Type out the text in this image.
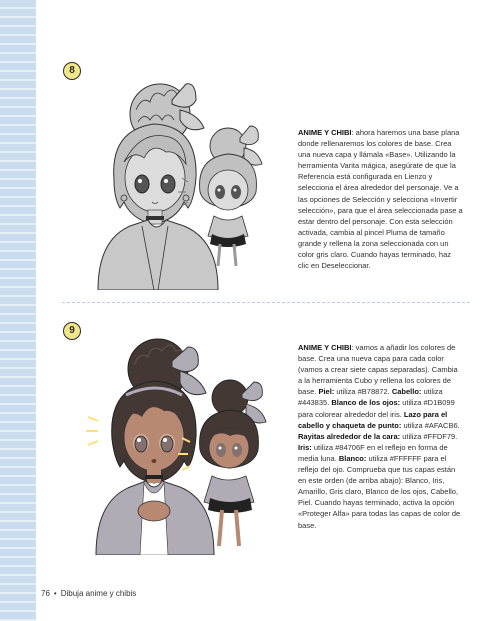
8
ANIME Y CHIBI: ahora haremos una base plana donde rellenaremos los colores de base. Crea una nueva capa y llámala «Base». Utilizando la herramienta Varita mágica, asegúrate de que la Referencia está configurada en Lienzo y selecciona el área alrededor del personaje. Ve a las opciones de Selección y selecciona «Invertir selección», para que el área seleccionada pase a estar dentro del personaje. Con esta selección activada, cambia al pincel Pluma de tamaño grande y rellena la zona seleccionada con un color gris claro. Cuando hayas terminado, haz clic en Deseleccionar.
9
ANIME Y CHIBI: vamos a añadir los colores de base. Crea una nueva capa para cada color (vamos a crear siete capas separadas). Cambia a la herramienta Cubo y rellena los colores de base. Piel: utiliza #B78872. Cabello: utiliza #443835. Blanco de los ojos: utiliza #D1B099 para colorear alrededor del iris. Lazo para el cabello y chaqueta de punto: utiliza #AFACB6. Rayitas alrededor de la cara: utiliza #FFDF79. Iris: utiliza #84706F en el reflejo en forma de media luna. Blanco: utiliza #FFFFFF para el reflejo del ojo. Comprueba que tus capas están en este orden (de arriba abajo): Blanco, Iris, Amarillo, Gris claro, Blanco de los ojos, Cabello, Piel. Cuando hayas terminado, activa la opción «Proteger Alfa» para todas las capas de color de base.
76 • Dibuja anime y chibis
